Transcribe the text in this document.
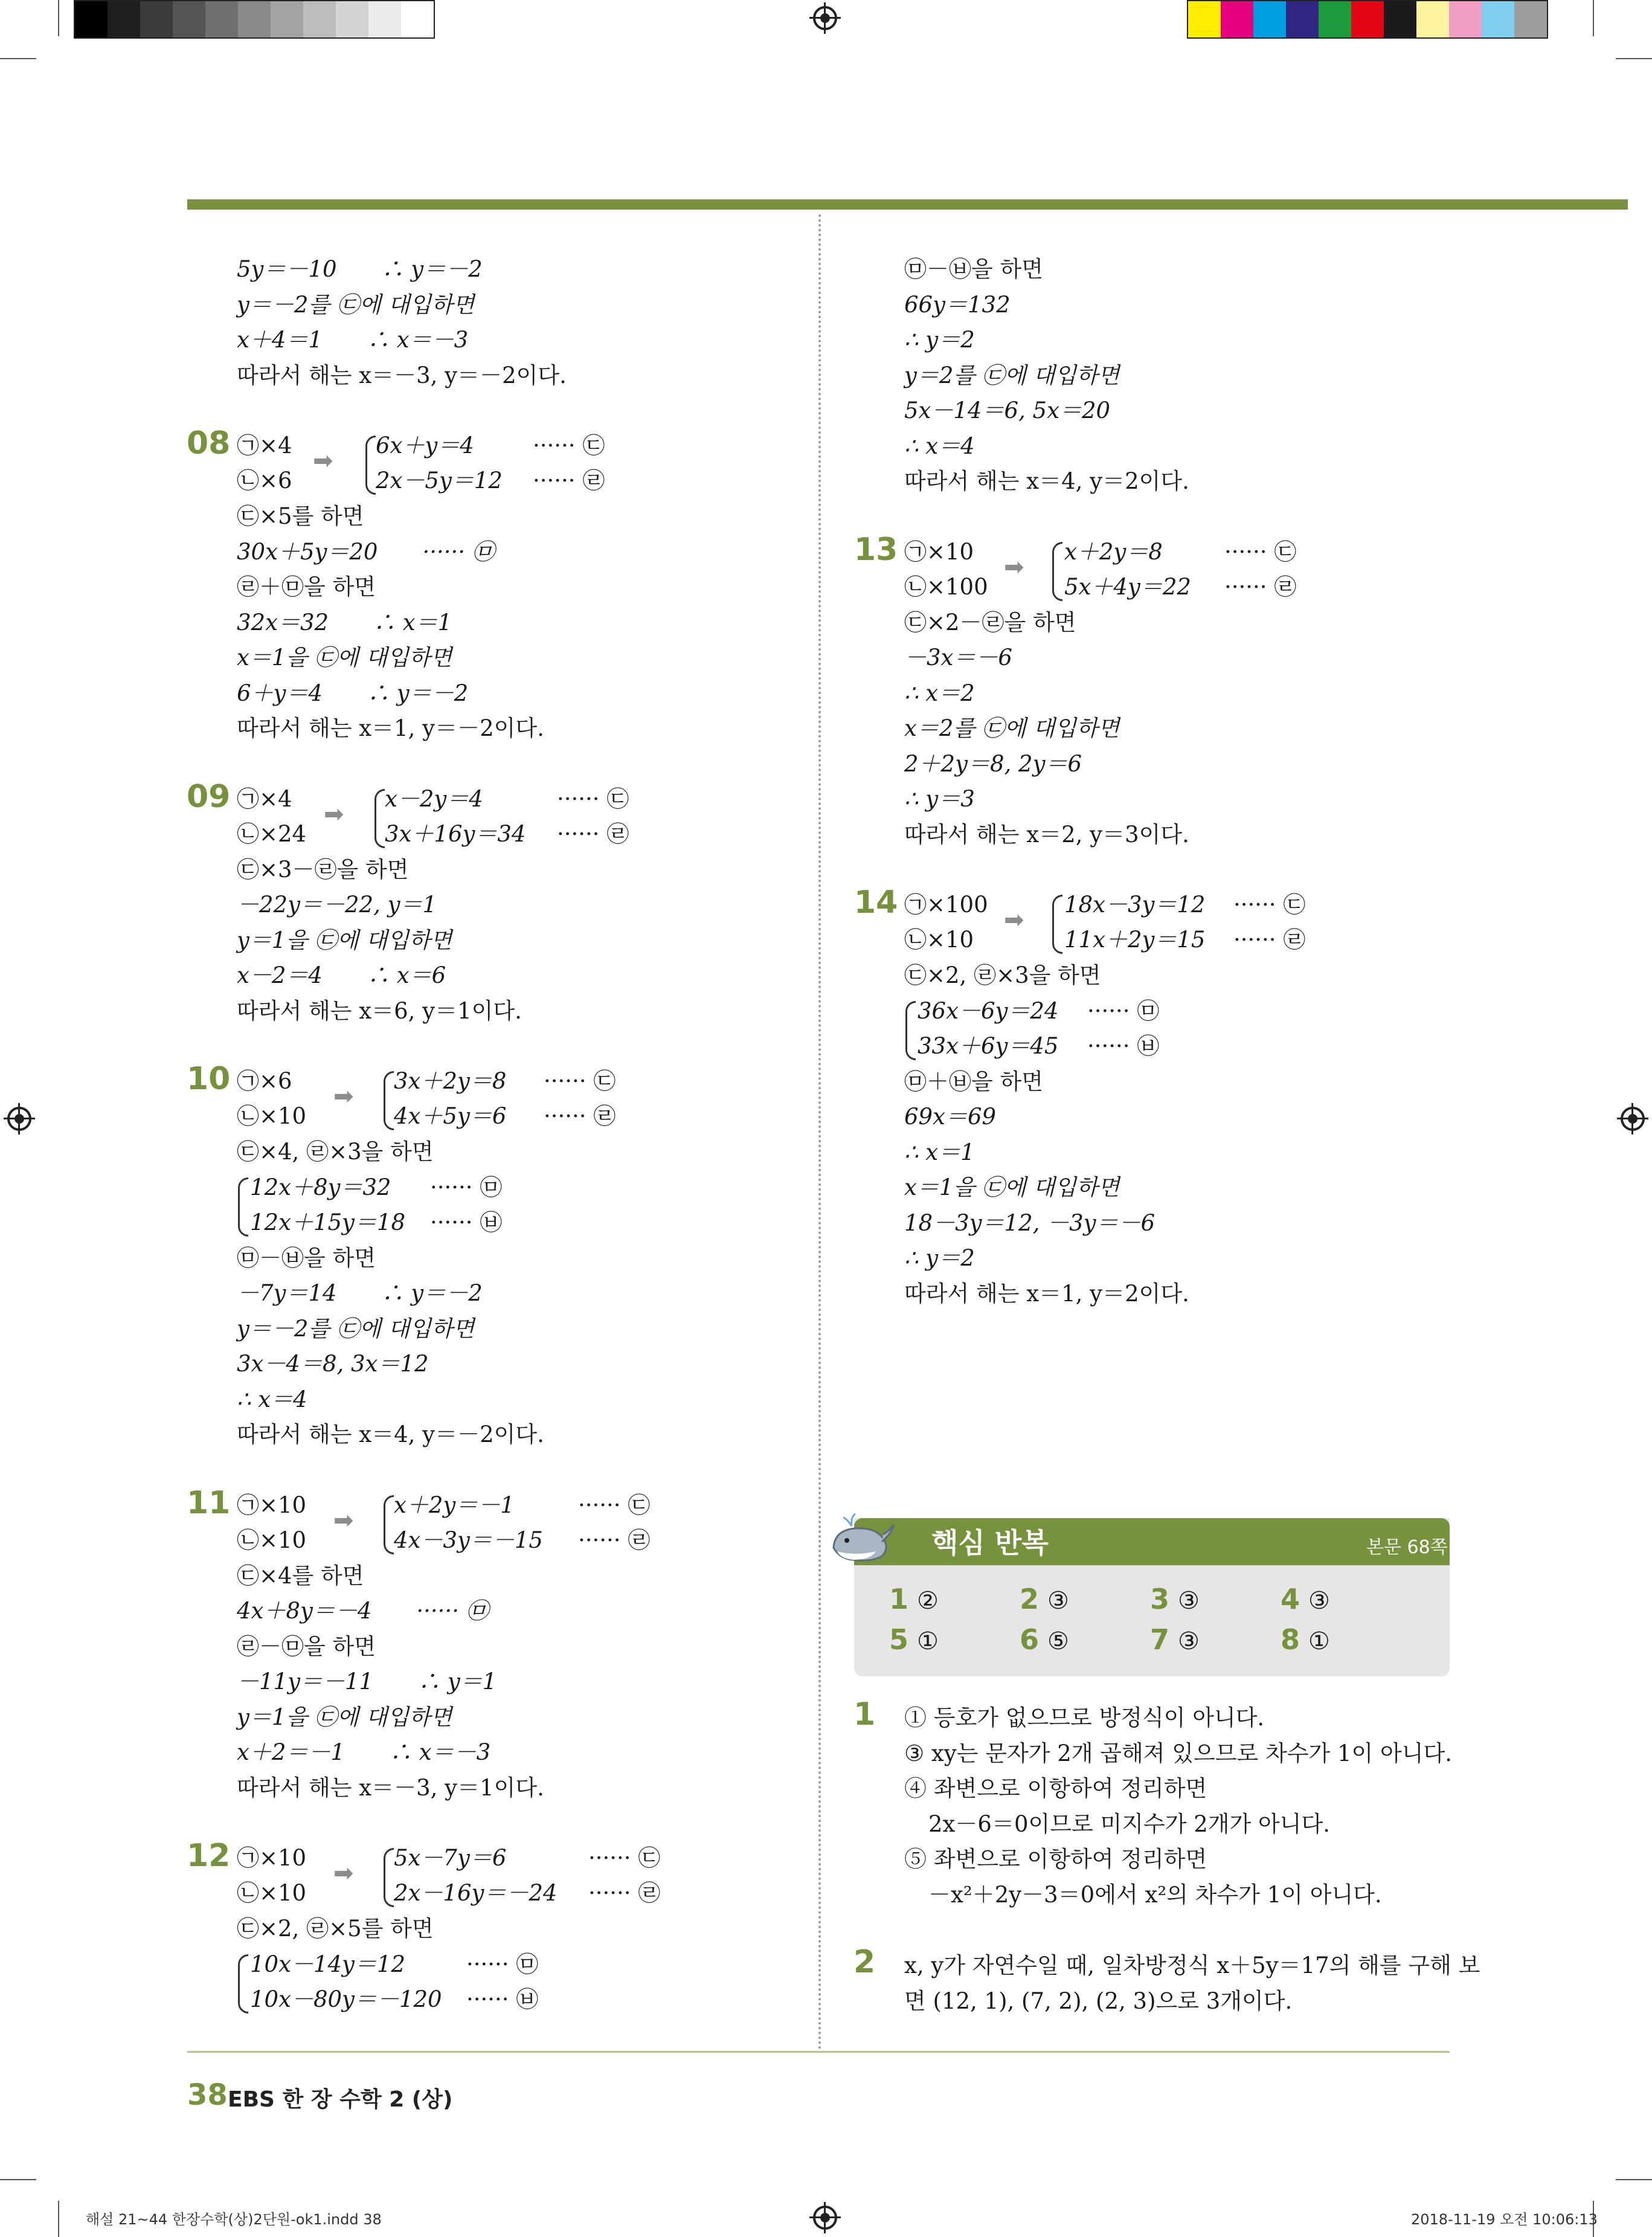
5y＝－10　　∴ y＝－2
y＝－2를 ㉢에 대입하면
x＋4＝1　　∴ x＝－3
따라서 해는 x＝－3, y＝－2이다.
08 ㉠×4
㉡×6
➡
6x＋y＝4
2x－5y＝12
······ ㉢
······ ㉣
㉢×5를 하면
30x＋5y＝20　　······ ㉤
㉣＋㉤을 하면
32x＝32　　∴ x＝1
x＝1을 ㉢에 대입하면
6＋y＝4　　∴ y＝－2
따라서 해는 x＝1, y＝－2이다.
09 ㉠×4
㉡×24
➡
x－2y＝4
3x＋16y＝34
······ ㉢
······ ㉣
㉢×3－㉣을 하면
－22y＝－22, y＝1
y＝1을 ㉢에 대입하면
x－2＝4　　∴ x＝6
따라서 해는 x＝6, y＝1이다.
10 ㉠×6
㉡×10
➡
3x＋2y＝8
4x＋5y＝6
······ ㉢
······ ㉣
㉢×4, ㉣×3을 하면
12x＋8y＝32
12x＋15y＝18
······ ㉤
······ ㉥
㉤－㉥을 하면
－7y＝14　　∴ y＝－2
y＝－2를 ㉢에 대입하면
3x－4＝8, 3x＝12
∴ x＝4
따라서 해는 x＝4, y＝－2이다.
11 ㉠×10
㉡×10
➡
x＋2y＝－1
4x－3y＝－15
······ ㉢
······ ㉣
㉢×4를 하면
4x＋8y＝－4　　······ ㉤
㉣－㉤을 하면
－11y＝－11　　∴ y＝1
y＝1을 ㉢에 대입하면
x＋2＝－1　　∴ x＝－3
따라서 해는 x＝－3, y＝1이다.
12 ㉠×10
㉡×10
➡
5x－7y＝6
2x－16y＝－24
······ ㉢
······ ㉣
㉢×2, ㉣×5를 하면
10x－14y＝12
10x－80y＝－120
······ ㉤
······ ㉥
㉤－㉥을 하면
66y＝132
∴ y＝2
y＝2를 ㉢에 대입하면
5x－14＝6, 5x＝20
∴ x＝4
따라서 해는 x＝4, y＝2이다.
13 ㉠×10
㉡×100
➡
x＋2y＝8
5x＋4y＝22
······ ㉢
······ ㉣
㉢×2－㉣을 하면
－3x＝－6
∴ x＝2
x＝2를 ㉢에 대입하면
2＋2y＝8, 2y＝6
∴ y＝3
따라서 해는 x＝2, y＝3이다.
14 ㉠×100
㉡×10
➡
18x－3y＝12
11x＋2y＝15
······ ㉢
······ ㉣
㉢×2, ㉣×3을 하면
36x－6y＝24
33x＋6y＝45
······ ㉤
······ ㉥
㉤＋㉥을 하면
69x＝69
∴ x＝1
x＝1을 ㉢에 대입하면
18－3y＝12, －3y＝－6
∴ y＝2
따라서 해는 x＝1, y＝2이다.
핵심 반복	본문 68쪽
1 ②	2 ③	3 ③	4 ③
5 ①	6 ⑤	7 ③	8 ①
1 ① 등호가 없으므로 방정식이 아니다.
③ xy는 문자가 2개 곱해져 있으므로 차수가 1이 아니다.
④ 좌변으로 이항하여 정리하면
2x－6＝0이므로 미지수가 2개가 아니다.
⑤ 좌변으로 이항하여 정리하면
－x²＋2y－3＝0에서 x²의 차수가 1이 아니다.
2 x, y가 자연수일 때, 일차방정식 x＋5y＝17의 해를 구해 보
면 (12, 1), (7, 2), (2, 3)으로 3개이다.
38 EBS 한 장 수학 2 (상)
해설 21~44 한장수학(상)2단원-ok1.indd 38	2018-11-19 오전 10:06:13
